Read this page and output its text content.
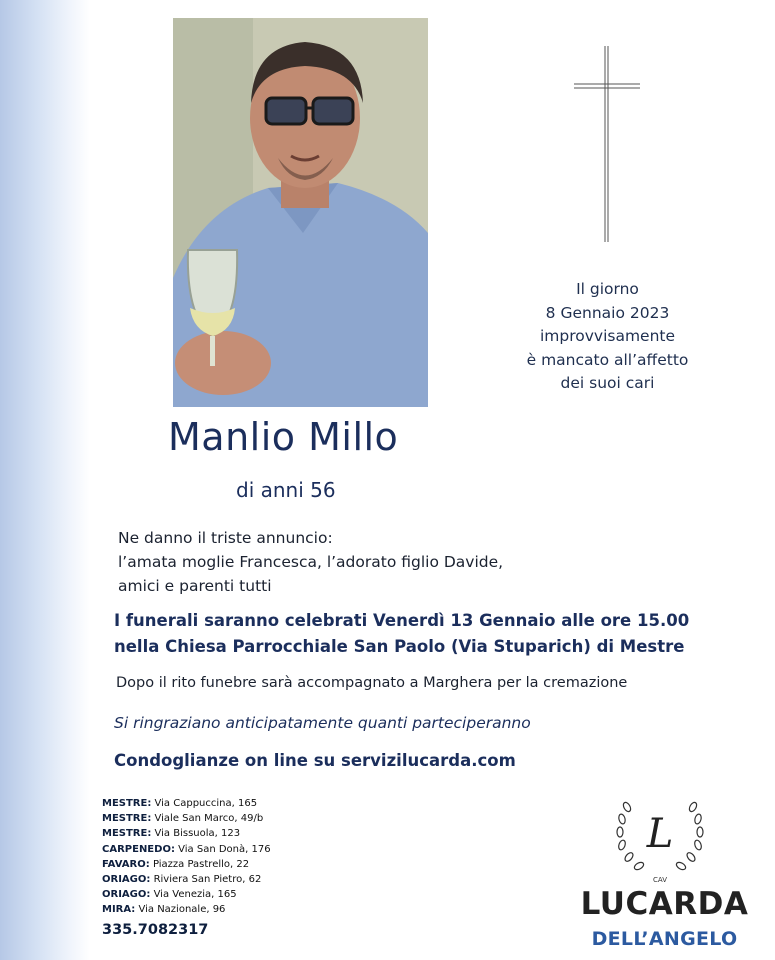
Il giorno
8 Gennaio 2023
improvvisamente
è mancato all’affetto
dei suoi cari
Manlio Millo
di anni 56
Ne danno il triste annuncio:
l’amata moglie Francesca, l’adorato figlio Davide,
amici e parenti tutti
I funerali saranno celebrati Venerdì 13 Gennaio alle ore 15.00
nella Chiesa Parrocchiale San Paolo (Via Stuparich) di Mestre
Dopo il rito funebre sarà accompagnato a Marghera per la cremazione
Si ringraziano anticipatamente quanti parteciperanno
Condoglianze on line su servizilucarda.com
MESTRE: Via Cappuccina, 165
MESTRE: Viale San Marco, 49/b
MESTRE: Via Bissuola, 123
CARPENEDO: Via San Donà, 176
FAVARO: Piazza Pastrello, 22
ORIAGO: Riviera San Pietro, 62
ORIAGO: Via Venezia, 165
MIRA: Via Nazionale, 96
335.7082317
L
CAV
LUCARDA
DELL’ANGELO
